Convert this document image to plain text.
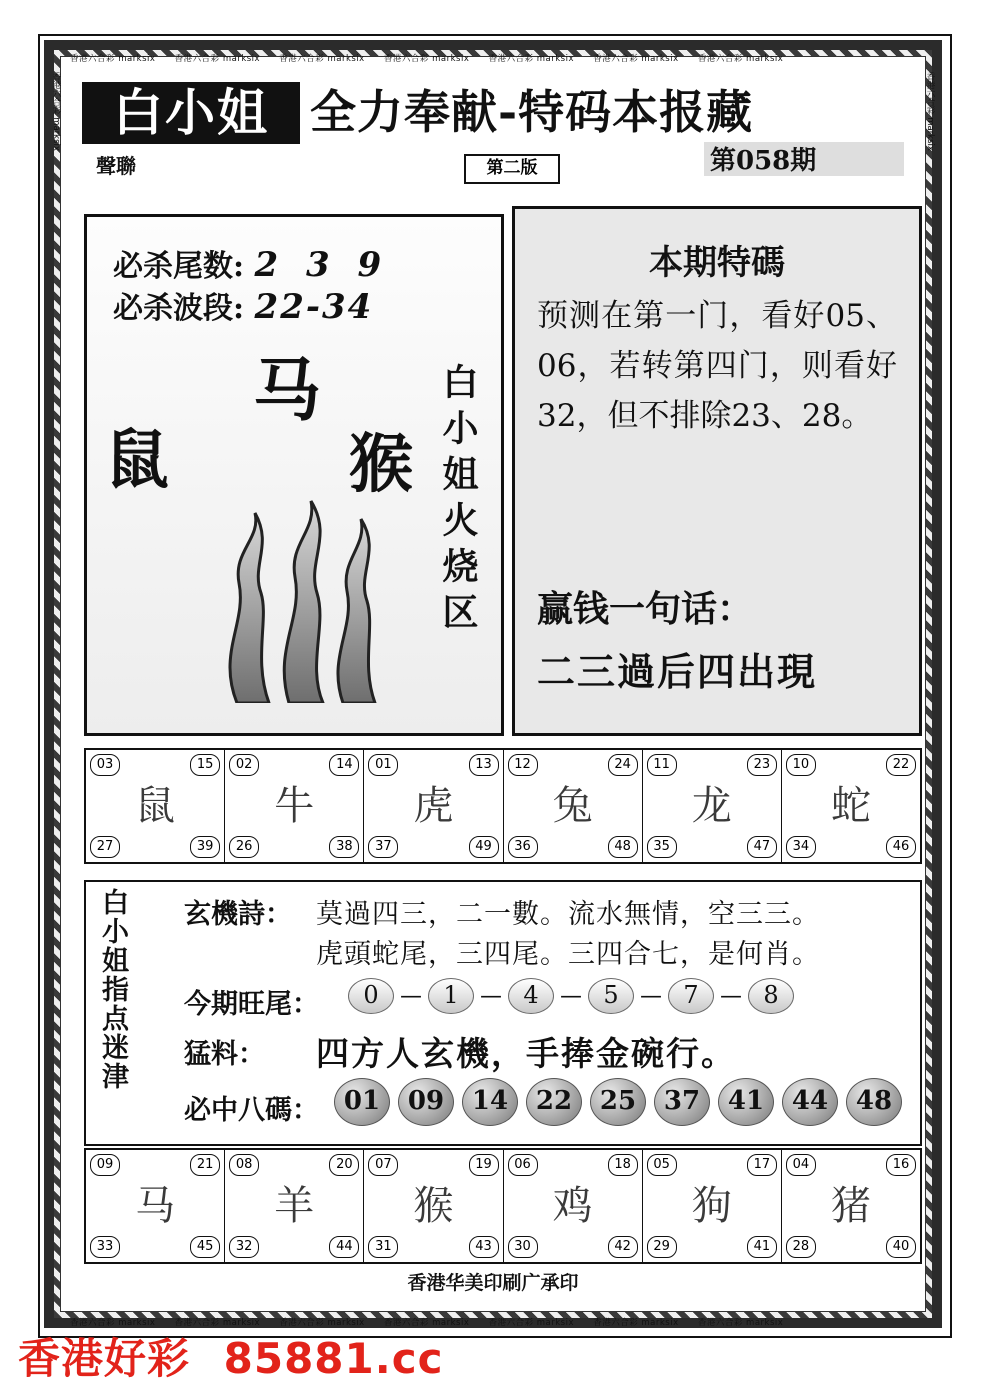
香港六合彩 marksix 香港六合彩 marksix 香港六合彩 marksix 香港六合彩 marksix 香港六合彩 marksix 香港六合彩 marksix 香港六合彩 marksix
香港六合彩 marksix 香港六合彩 marksix 香港六合彩 marksix 香港六合彩 marksix 香港六合彩 marksix 香港六合彩 marksix 香港六合彩 marksix
香港六合彩 marksix	香港六合彩 marksix
白小姐 全力奉献-特码本报藏
聲聯	第二版	第058期
必杀尾数: 2 3 9
必杀波段: 22-34
马
鼠	猴 白小姐火烧区
本期特碼
预测在第一门，看好05、06，若转第四门，则看好32，但不排除23、28。
赢钱一句话：
二三過后四出現
03	15
27	39
鼠
02	14
26	38
牛
01	13
37	49
虎
12	24
36	48
兔
11	23
35	47
龙
10	22
34	46
蛇
白小姐指点迷津 玄機詩： 莫過四三，二一數。流水無情，空三三。
虎頭蛇尾，三四尾。三四合七，是何肖。
今期旺尾：	0 — 1 — 4 — 5 — 7 — 8
猛料： 四方人玄機，手捧金碗行。
必中八碼： 01	09	14	22	25	37	41	44	48
09	21
33	45
马
08	20
32	44
羊
07	19
31	43
猴
06	18
30	42
鸡
05	17
29	41
狗
04	16
28	40
猪
香港华美印刷广承印
香港好彩 85881.cc
